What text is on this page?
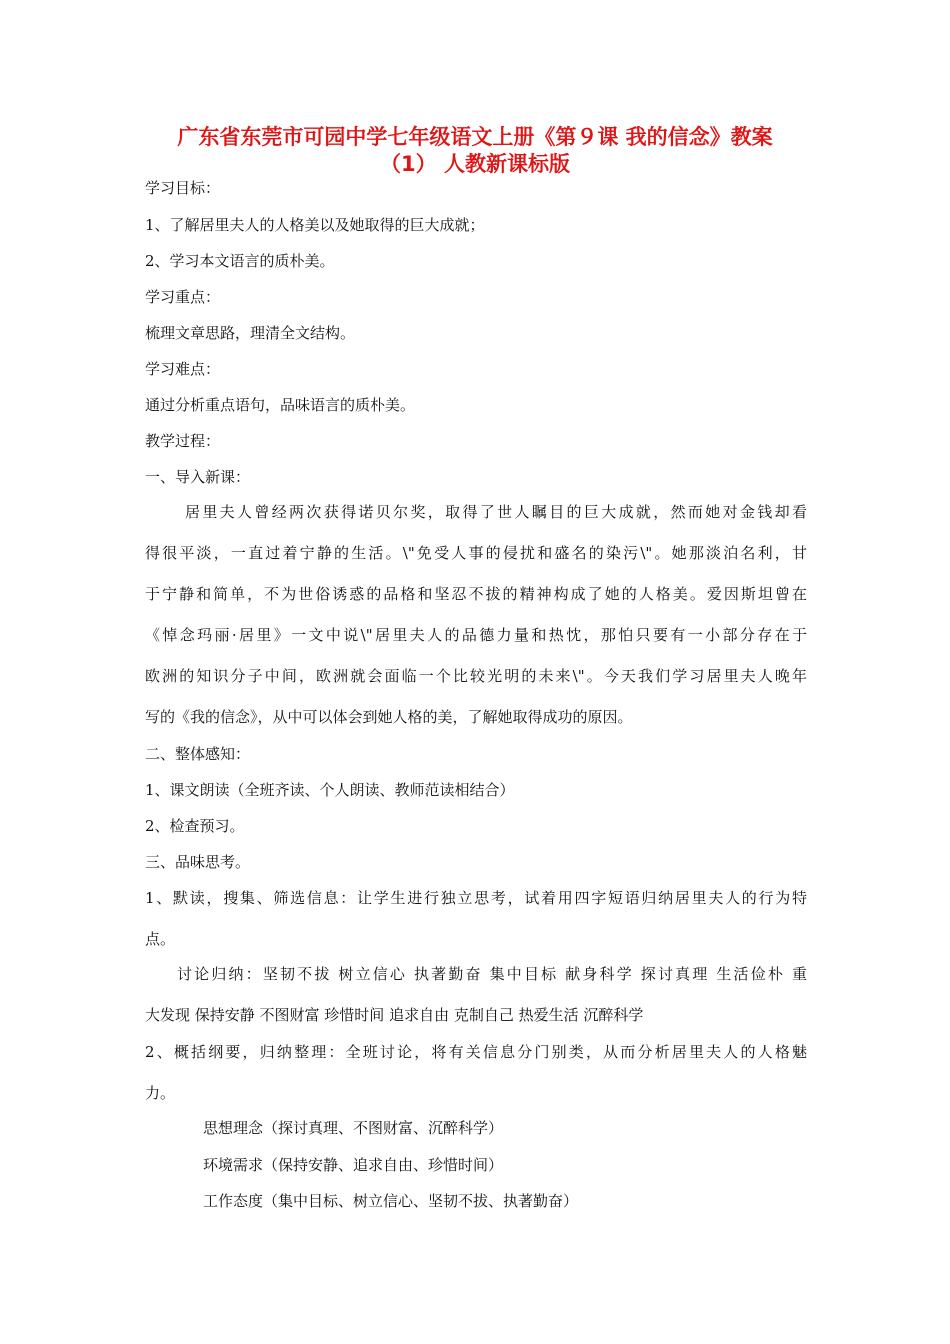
广东省东莞市可园中学七年级语文上册《第９课 我的信念》教案
（1） 人教新课标版
学习目标：
1、了解居里夫人的人格美以及她取得的巨大成就；
2、学习本文语言的质朴美。
学习重点：
梳理文章思路，理清全文结构。
学习难点：
通过分析重点语句，品味语言的质朴美。
教学过程：
一、导入新课：
居里夫人曾经两次获得诺贝尔奖，取得了世人瞩目的巨大成就，然而她对金钱却看
得很平淡，一直过着宁静的生活。\"免受人事的侵扰和盛名的染污\"。她那淡泊名利，甘
于宁静和简单，不为世俗诱惑的品格和坚忍不拔的精神构成了她的人格美。爱因斯坦曾在
《悼念玛丽·居里》一文中说\"居里夫人的品德力量和热忱，那怕只要有一小部分存在于
欧洲的知识分子中间，欧洲就会面临一个比较光明的未来\"。今天我们学习居里夫人晚年
写的《我的信念》，从中可以体会到她人格的美，了解她取得成功的原因。
二、整体感知：
1、课文朗读（全班齐读、个人朗读、教师范读相结合）
2、检查预习。
三、品味思考。
1、默读，搜集、筛选信息：让学生进行独立思考，试着用四字短语归纳居里夫人的行为特
点。
讨论归纳：坚韧不拔 树立信心 执著勤奋 集中目标 献身科学 探讨真理 生活俭朴 重
大发现 保持安静 不图财富 珍惜时间 追求自由 克制自己 热爱生活 沉醉科学
2、概括纲要，归纳整理：全班讨论，将有关信息分门别类，从而分析居里夫人的人格魅
力。
思想理念（探讨真理、不图财富、沉醉科学）
环境需求（保持安静、追求自由、珍惜时间）
工作态度（集中目标、树立信心、坚韧不拔、执著勤奋）
